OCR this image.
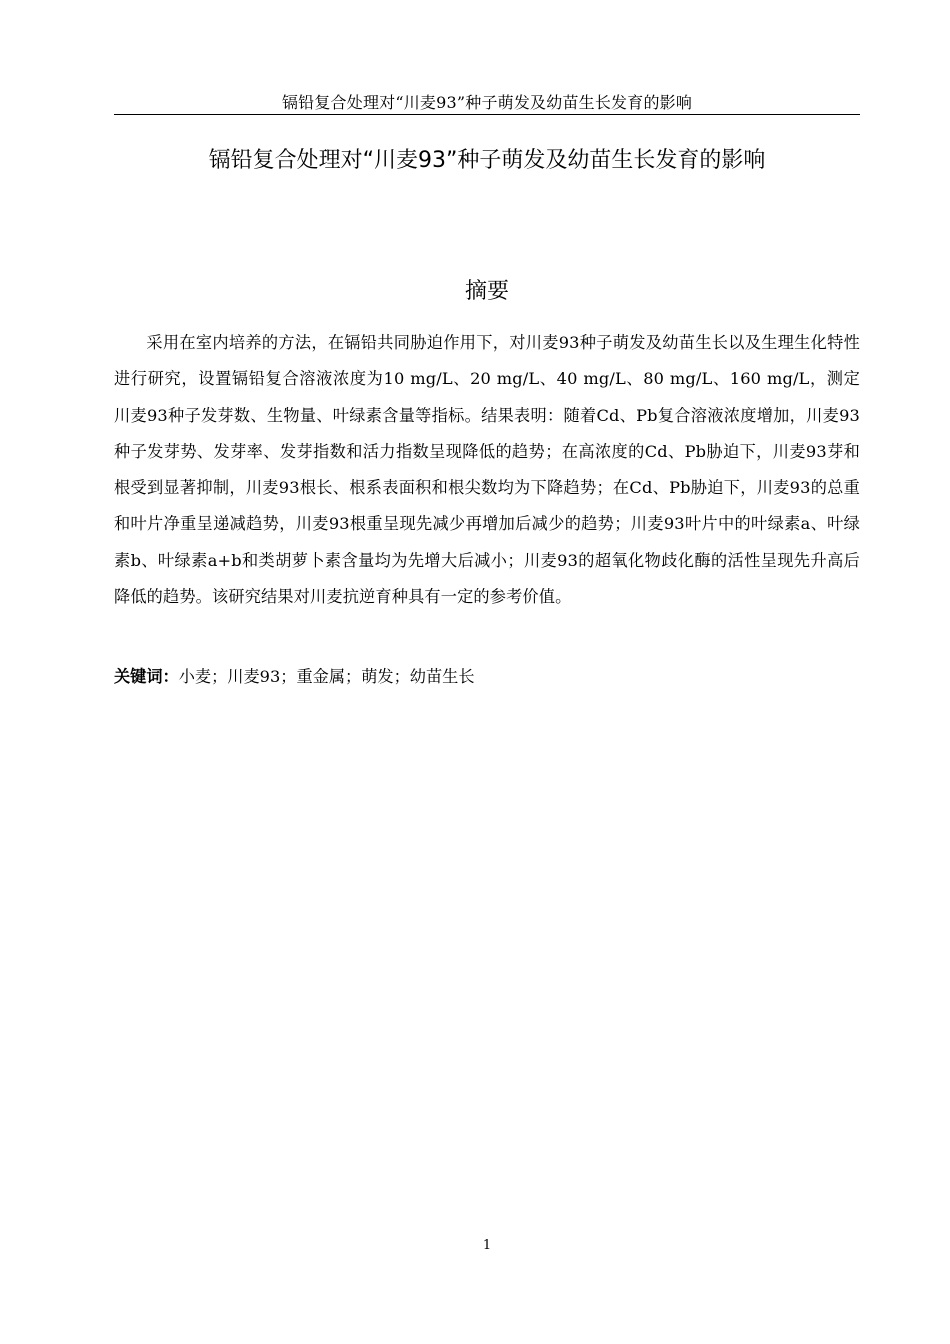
镉铅复合处理对“川麦93”种子萌发及幼苗生长发育的影响
镉铅复合处理对“川麦93”种子萌发及幼苗生长发育的影响
摘要

采用在室内培养的方法，在镉铅共同胁迫作用下，对川麦93种子萌发及幼苗生长以及生理生化特性进行研究，设置镉铅复合溶液浓度为10 mg/L、20 mg/L、40 mg/L、80 mg/L、160 mg/L，测定川麦93种子发芽数、生物量、叶绿素含量等指标。结果表明：随着Cd、Pb复合溶液浓度增加，川麦93种子发芽势、发芽率、发芽指数和活力指数呈现降低的趋势；在高浓度的Cd、Pb胁迫下，川麦93芽和根受到显著抑制，川麦93根长、根系表面积和根尖数均为下降趋势；在Cd、Pb胁迫下，川麦93的总重和叶片净重呈递减趋势，川麦93根重呈现先减少再增加后减少的趋势；川麦93叶片中的叶绿素a、叶绿素b、叶绿素a+b和类胡萝卜素含量均为先增大后减小；川麦93的超氧化物歧化酶的活性呈现先升高后降低的趋势。该研究结果对川麦抗逆育种具有一定的参考价值。

关键词：小麦；川麦93；重金属；萌发；幼苗生长
1
